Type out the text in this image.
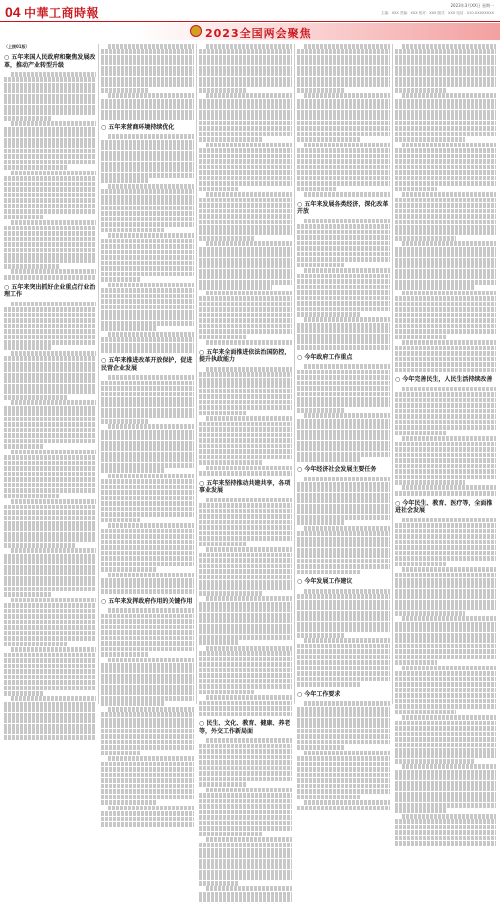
04 中華工商時報
2023年3月XX日 星期一
主编：XXX 责编：XXX 校对：XXX 版式：XXX 电话：010-XXXXXXXX
2023全国两会聚焦
（上接01版）
○ 五年来国人民政府和聚焦发展改革，推动产业转型升级
○ 五年来突出抓好企业重点行业治理工作
○ 五年来营商环境持续优化
○ 五年来推进改革开放保护，促进民营企业发展
○ 五年来发挥政府作用的关键作用
○ 五年来全面推进依法治国防控，提升执政能力
○ 五年来坚持推动共建共享，各项事业发展
○ 民生、文化、教育、健康、养老等，外交工作新局面
○ 五年来发展各类经济，深化改革开放
○ 今年政府工作重点
○ 今年经济社会发展主要任务
○ 今年发展工作建议
○ 今年工作要求
○ 今年完善民生，人民生活持续改善
○ 今年民生、教育、医疗等，全面推进社会发展
